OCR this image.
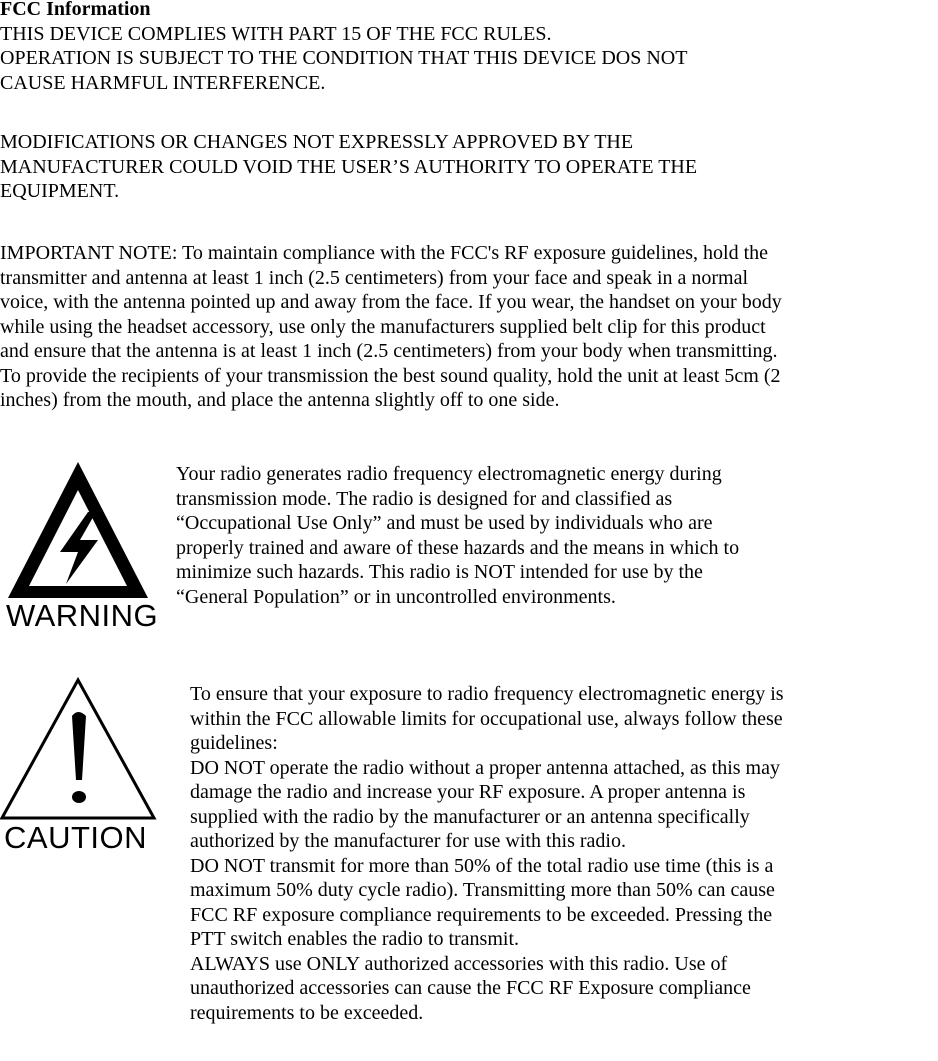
FCC Information
THIS DEVICE COMPLIES WITH PART 15 OF THE FCC RULES.
OPERATION IS SUBJECT TO THE CONDITION THAT THIS DEVICE DOS NOT
CAUSE HARMFUL INTERFERENCE.
MODIFICATIONS OR CHANGES NOT EXPRESSLY APPROVED BY THE
MANUFACTURER COULD VOID THE USER’S AUTHORITY TO OPERATE THE
EQUIPMENT.
IMPORTANT NOTE: To maintain compliance with the FCC's RF exposure guidelines, hold the
transmitter and antenna at least 1 inch (2.5 centimeters) from your face and speak in a normal
voice, with the antenna pointed up and away from the face. If you wear, the handset on your body
while using the headset accessory, use only the manufacturers supplied belt clip for this product
and ensure that the antenna is at least 1 inch (2.5 centimeters) from your body when transmitting.
To provide the recipients of your transmission the best sound quality, hold the unit at least 5cm (2
inches) from the mouth, and place the antenna slightly off to one side.
WARNING
Your radio generates radio frequency electromagnetic energy during
transmission mode. The radio is designed for and classified as
“Occupational Use Only” and must be used by individuals who are
properly trained and aware of these hazards and the means in which to
minimize such hazards. This radio is NOT intended for use by the
“General Population” or in uncontrolled environments.
CAUTION
To ensure that your exposure to radio frequency electromagnetic energy is
within the FCC allowable limits for occupational use, always follow these
guidelines:
DO NOT operate the radio without a proper antenna attached, as this may
damage the radio and increase your RF exposure. A proper antenna is
supplied with the radio by the manufacturer or an antenna specifically
authorized by the manufacturer for use with this radio.
DO NOT transmit for more than 50% of the total radio use time (this is a
maximum 50% duty cycle radio). Transmitting more than 50% can cause
FCC RF exposure compliance requirements to be exceeded. Pressing the
PTT switch enables the radio to transmit.
ALWAYS use ONLY authorized accessories with this radio. Use of
unauthorized accessories can cause the FCC RF Exposure compliance
requirements to be exceeded.
